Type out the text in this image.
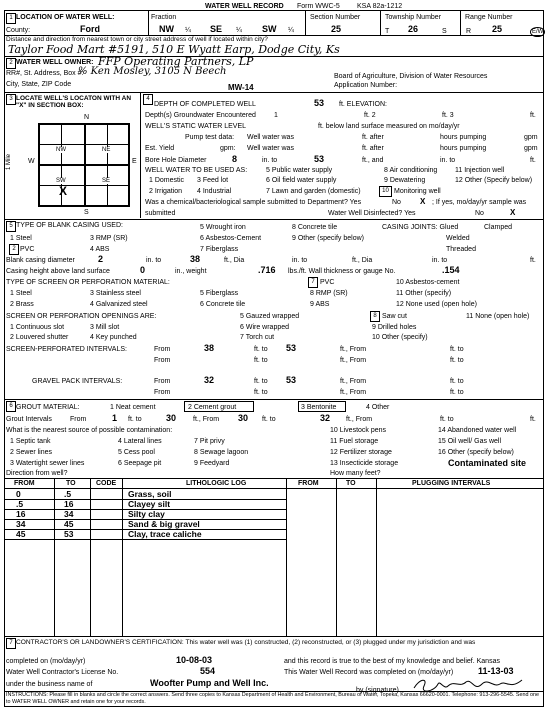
WATER WELL RECORD Form WWC-5 KSA 82a-1212
1 LOCATION OF WATER WELL:	Fraction	Section Number	Township Number	Range Number
County:	Ford	NW ¼ SE ¼ SW ¼	25	T 26	S	R 25	E/W
Distance and direction from nearest town or city street address of well if located within city?
Taylor Food Mart #5191, 510 E Wyatt Earp, Dodge City, Ks
2 WATER WELL OWNER: FFP Operating Partners, LP
RR#, St. Address, Box #:
% Ken Mosley, 3105 N Beech	Board of Agriculture, Division of Water Resources
City, State, ZIP Code	Application Number:
MW-14
3 LOCATE WELL'S LOCATON WITH AN "X" IN SECTION BOX:
N
S
W	E
1 Mile
NW	NE
SW	SE
X
4
DEPTH OF COMPLETED WELL	53 ft. ELEVATION:
Depth(s) Groundwater Encountered	1	ft. 2	ft. 3	ft.
WELL'S STATIC WATER LEVEL	ft. below land surface measured on mo/day/yr
Pump test data: Well water was	ft. after	hours pumping	gpm
Est. Yield	gpm: Well water was	ft. after	hours pumping	gpm
Bore Hole Diameter	8	in. to	53	ft., and	in. to	ft.
WELL WATER TO BE USED AS:
1 Domestic 3 Feed lot
5 Public water supply
6 Oil field water supply
7 Lawn and garden (domestic)
2 Irrigation 4 Industrial
8 Air conditioning
9 Dewatering
11 Injection well
12 Other (Specify below)
10 Monitoring well
Was a chemical/bacteriological sample submitted to Department? Yes	No X ; If yes, mo/day/yr sample was
submitted	Water Well Disinfected? Yes	No	X
5 TYPE OF BLANK CASING USED:	5 Wrought iron	8 Concrete tile	CASING JOINTS: Glued	Clamped
1 Steel	3 RMP (SR)	6 Asbestos-Cement	9 Other (specify below)	Welded
2 PVC	4 ABS	7 Fiberglass	Threaded
Blank casing diameter	2	in. to	38	ft., Dia	in. to	ft., Dia	in. to	ft.
Casing height above land surface	0	in., weight	.716 lbs./ft. Wall thickness or gauge No.	.154
TYPE OF SCREEN OR PERFORATION MATERIAL:	7 PVC	10 Asbestos-cement
1 Steel	3 Stainless steel	5 Fiberglass	8 RMP (SR)	11 Other (specify)
2 Brass	4 Galvanized steel	6 Concrete tile	9 ABS	12 None used (open hole)
SCREEN OR PERFORATION OPENINGS ARE:	5 Gauzed wrapped	8 Saw cut	11 None (open hole)
1 Continuous slot	3 Mill slot	6 Wire wrapped	9 Drilled holes
2 Louvered shutter	4 Key punched	7 Torch cut	10 Other (specify)
SCREEN-PERFORATED INTERVALS:	From	38	ft. to 53	ft., From	ft. to
From	ft. to	ft., From	ft. to
GRAVEL PACK INTERVALS:	From	32	ft. to 53	ft., From	ft. to
From	ft. to	ft., From	ft. to
6 GROUT MATERIAL:	1 Neat cement	2 Cement grout	3 Bentonite	4 Other
Grout Intervals	From	1 ft. to	30 ft., From 30 ft. to	32 ft., From	ft. to	ft.
What is the nearest source of possible contamination:
1 Septic tank	4 Lateral lines	7 Pit privy
10 Livestock pens	14 Abandoned water well
2 Sewer lines	5 Cess pool	8 Sewage lagoon
11 Fuel storage	15 Oil well/ Gas well
3 Watertight sewer lines	6 Seepage pit	9 Feedyard
12 Fertilizer storage	16 Other (specify below)
13 Insecticide storage	Contaminated site
How many feet?
Direction from well?
FROM	TO	CODE	LITHOLOGIC LOG	FROM	TO	PLUGGING INTERVALS
0	.5	Grass, soil
.5	16	Clayey silt
16	34	Silty clay
34	45	Sand & big gravel
45	53	Clay, trace caliche
7 CONTRACTOR'S OR LANDOWNER'S CERTIFICATION: This water well was (1) constructed, (2) reconstructed, or (3) plugged under my jurisdiction and was
completed on (mo/day/yr)	10-08-03	and this record is true to the best of my knowledge and belief. Kansas
Water Well Contractor's License No.	554	This Water Well Record was completed on (mo/day/yr)	11-13-03
under the business name of	Woofter Pump and Well Inc.
INSTRUCTIONS: Please fill in blanks and circle the correct answers. Send three copies to Kansas Department of Health and Environment, Bureau of Water, Topeka, Kansas 66620-0001. Telephone: 913-296-5545. Send one to WATER WELL OWNER and retain one for your records.
